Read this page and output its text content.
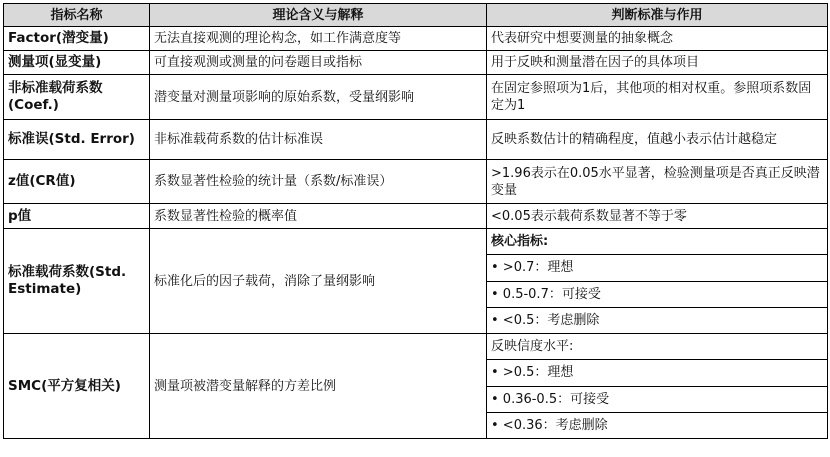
指标名称	理论含义与解释	判断标准与作用
Factor(潜变量)	无法直接观测的理论构念，如工作满意度等	代表研究中想要测量的抽象概念
测量项(显变量)	可直接观测或测量的问卷题目或指标	用于反映和测量潜在因子的具体项目
非标准载荷系数(Coef.)	潜变量对测量项影响的原始系数，受量纲影响	在固定参照项为1后，其他项的相对权重。参照项系数固定为1
标准误(Std. Error)	非标准载荷系数的估计标准误	反映系数估计的精确程度，值越小表示估计越稳定
z值(CR值)	系数显著性检验的统计量（系数/标准误）	>1.96表示在0.05水平显著，检验测量项是否真正反映潜变量
p值	系数显著性检验的概率值	<0.05表示载荷系数显著不等于零
标准载荷系数(Std. Estimate)	标准化后的因子载荷，消除了量纲影响	核心指标:
• >0.7：理想
• 0.5-0.7：可接受
• <0.5：考虑删除

SMC(平方复相关)	测量项被潜变量解释的方差比例	反映信度水平:
• >0.5：理想
• 0.36-0.5：可接受
• <0.36：考虑删除
